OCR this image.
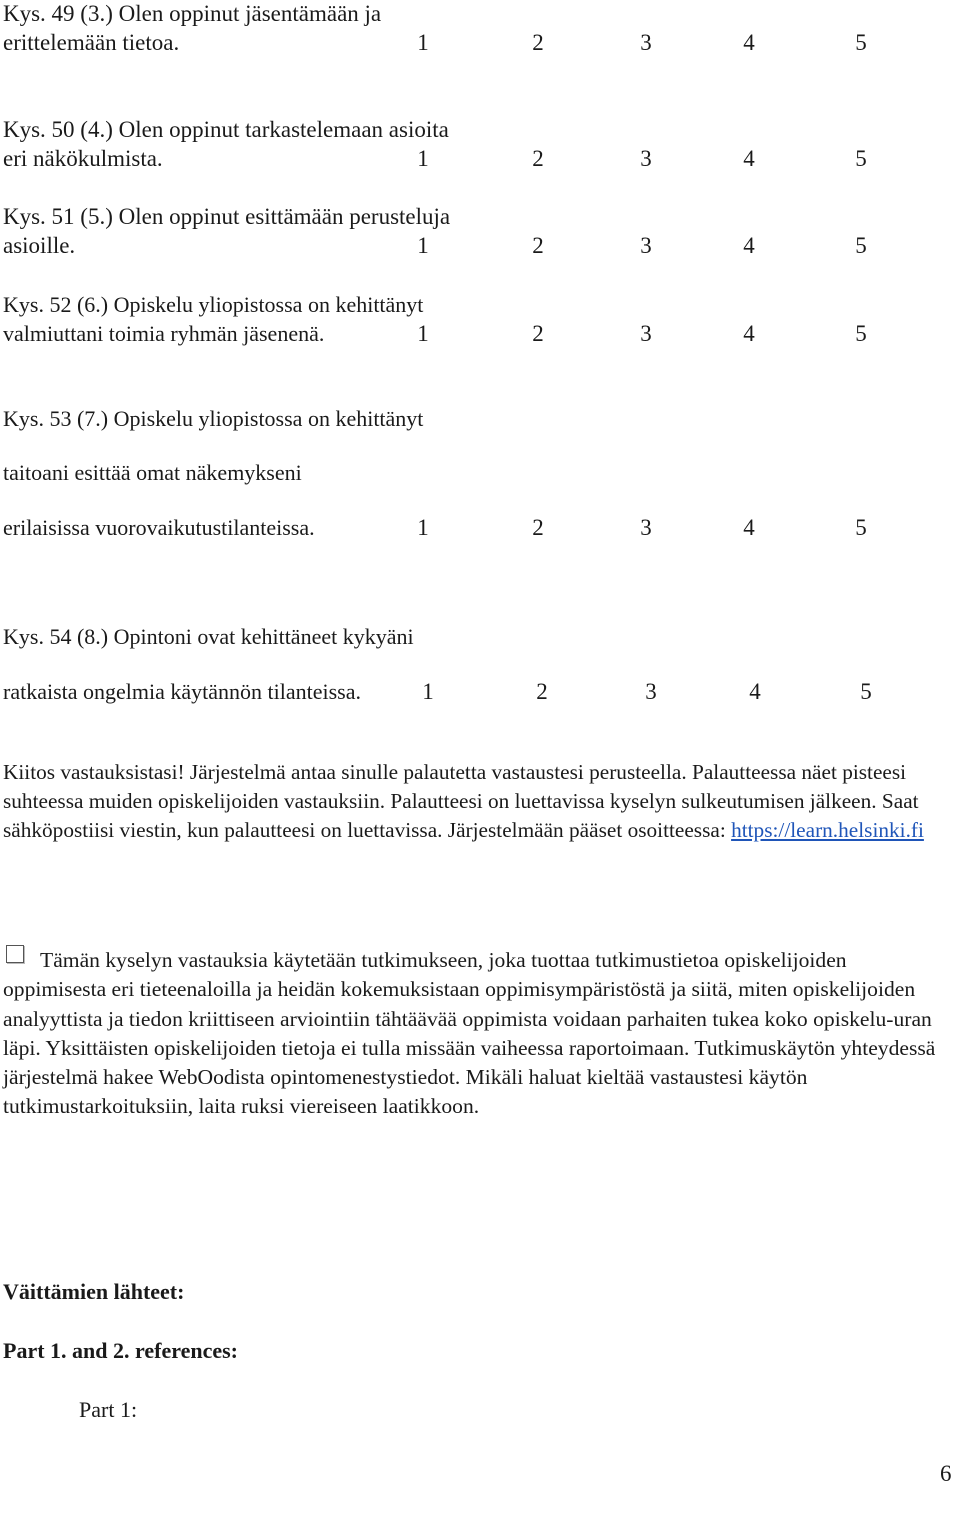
Kys. 49 (3.) Olen oppinut jäsentämään ja
erittelemään tietoa.	1	2	3	4	5
Kys. 50 (4.) Olen oppinut tarkastelemaan asioita
eri näkökulmista.	1	2	3	4	5
Kys. 51 (5.) Olen oppinut esittämään perusteluja
asioille.	1	2	3	4	5
Kys. 52 (6.) Opiskelu yliopistossa on kehittänyt
valmiuttani toimia ryhmän jäsenenä.	1	2	3	4	5
Kys. 53 (7.) Opiskelu yliopistossa on kehittänyt
taitoani esittää omat näkemykseni
erilaisissa vuorovaikutustilanteissa.	1	2	3	4	5
Kys. 54 (8.) Opintoni ovat kehittäneet kykyäni
ratkaista ongelmia käytännön tilanteissa.	1	2	3	4	5
Kiitos vastauksistasi! Järjestelmä antaa sinulle palautetta vastaustesi perusteella. Palautteessa näet pisteesi suhteessa muiden opiskelijoiden vastauksiin. Palautteesi on luettavissa kyselyn sulkeutumisen jälkeen. Saat sähköpostiisi viestin, kun palautteesi on luettavissa. Järjestelmään pääset osoitteessa: https://learn.helsinki.fi
Tämän kyselyn vastauksia käytetään tutkimukseen, joka tuottaa tutkimustietoa opiskelijoiden oppimisesta eri tieteenaloilla ja heidän kokemuksistaan oppimisympäristöstä ja siitä, miten opiskelijoiden analyyttista ja tiedon kriittiseen arviointiin tähtäävää oppimista voidaan parhaiten tukea koko opiskelu-uran läpi. Yksittäisten opiskelijoiden tietoja ei tulla missään vaiheessa raportoimaan. Tutkimuskäytön yhteydessä järjestelmä hakee WebOodista opintomenestystiedot. Mikäli haluat kieltää vastaustesi käytön tutkimustarkoituksiin, laita ruksi viereiseen laatikkoon.
Väittämien lähteet:
Part 1. and 2. references:
Part 1:
6
